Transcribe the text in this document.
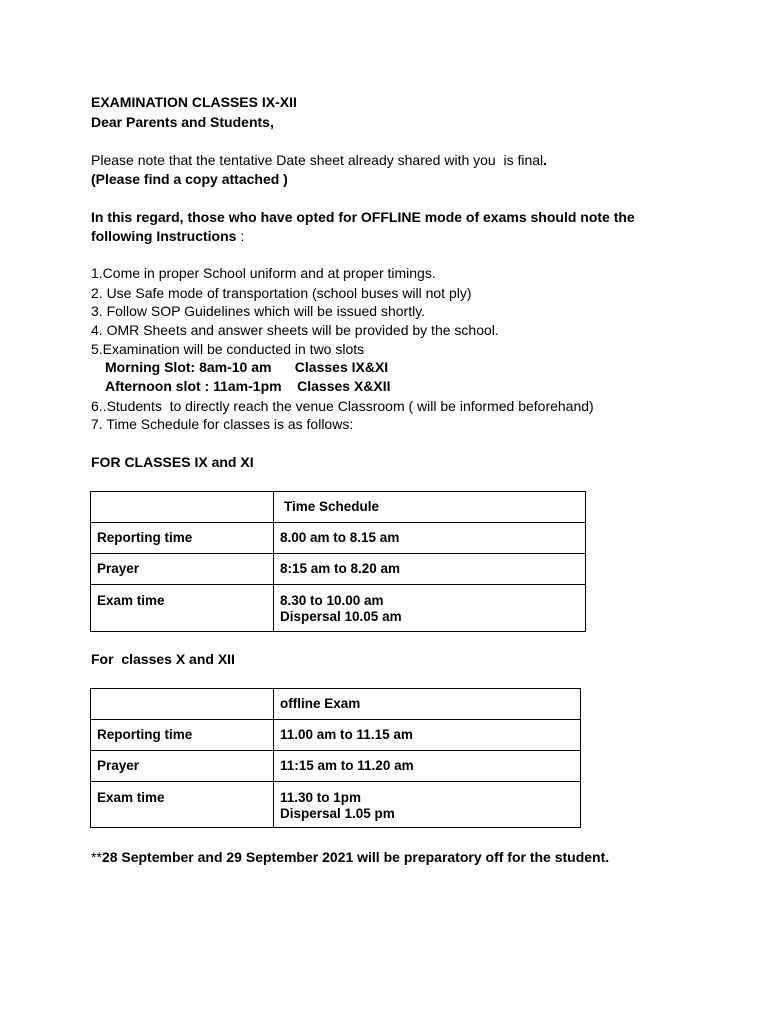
EXAMINATION CLASSES IX-XII
Dear Parents and Students,
Please note that the tentative Date sheet already shared with you  is final.
(Please find a copy attached )
In this regard, those who have opted for OFFLINE mode of exams should note the
following Instructions :
1.Come in proper School uniform and at proper timings.
2. Use Safe mode of transportation (school buses will not ply)
3. Follow SOP Guidelines which will be issued shortly.
4. OMR Sheets and answer sheets will be provided by the school.
5.Examination will be conducted in two slots
Morning Slot: 8am-10 am      Classes IX&XI
Afternoon slot : 11am-1pm    Classes X&XII
6..Students  to directly reach the venue Classroom ( will be informed beforehand)
7. Time Schedule for classes is as follows:
FOR CLASSES IX and XI
	Time Schedule
Reporting time	8.00 am to 8.15 am
Prayer	8:15 am to 8.20 am
Exam time	8.30 to 10.00 am
Dispersal 10.05 am
For  classes X and XII
	offline Exam
Reporting time	11.00 am to 11.15 am
Prayer	11:15 am to 11.20 am
Exam time	11.30 to 1pm
Dispersal 1.05 pm
**28 September and 29 September 2021 will be preparatory off for the student.
